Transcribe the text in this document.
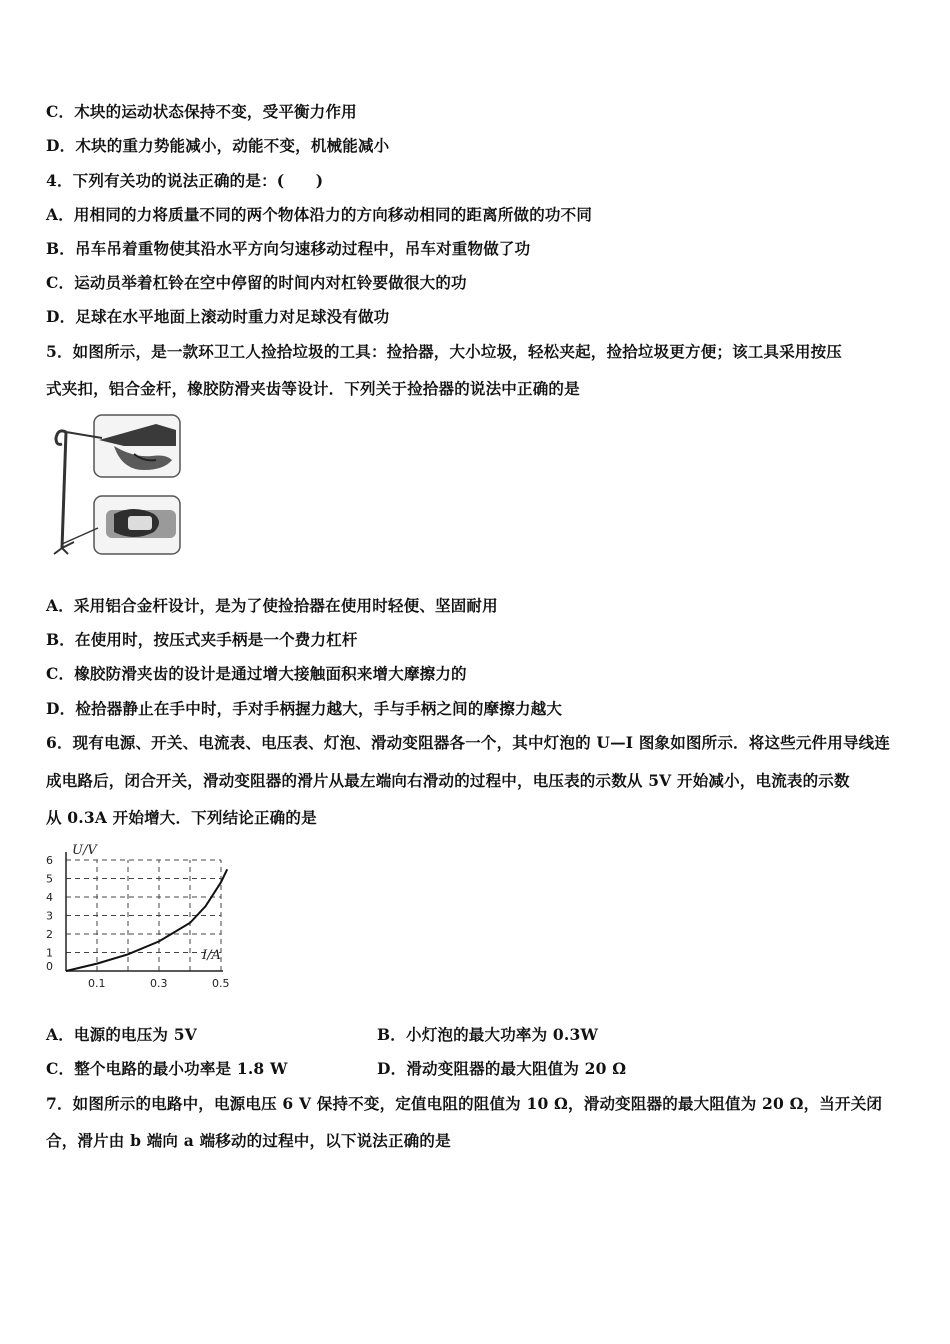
C．木块的运动状态保持不变，受平衡力作用
D．木块的重力势能减小，动能不变，机械能减小
4．下列有关功的说法正确的是：(　　)
A．用相同的力将质量不同的两个物体沿力的方向移动相同的距离所做的功不同
B．吊车吊着重物使其沿水平方向匀速移动过程中，吊车对重物做了功
C．运动员举着杠铃在空中停留的时间内对杠铃要做很大的功
D．足球在水平地面上滚动时重力对足球没有做功
5．如图所示，是一款环卫工人捡拾垃圾的工具：捡拾器，大小垃圾，轻松夹起，捡拾垃圾更方便；该工具采用按压
式夹扣，铝合金杆，橡胶防滑夹齿等设计．下列关于捡拾器的说法中正确的是
A．采用铝合金杆设计，是为了使捡拾器在使用时轻便、坚固耐用
B．在使用时，按压式夹手柄是一个费力杠杆
C．橡胶防滑夹齿的设计是通过增大接触面积来增大摩擦力的
D．检拾器静止在手中时，手对手柄握力越大，手与手柄之间的摩擦力越大
6．现有电源、开关、电流表、电压表、灯泡、滑动变阻器各一个，其中灯泡的 U—I 图象如图所示．将这些元件用导线连
成电路后，闭合开关，滑动变阻器的滑片从最左端向右滑动的过程中，电压表的示数从 5V 开始减小，电流表的示数
从 0.3A 开始增大．下列结论正确的是
U/V
I/A
0
1
2
3
4
5
6
0.1	0.3	0.5
A．电源的电压为 5V	B．小灯泡的最大功率为 0.3W
C．整个电路的最小功率是 1.8 W	D．滑动变阻器的最大阻值为 20 Ω
7．如图所示的电路中，电源电压 6 V 保持不变，定值电阻的阻值为 10 Ω，滑动变阻器的最大阻值为 20 Ω，当开关闭
合，滑片由 b 端向 a 端移动的过程中，以下说法正确的是
